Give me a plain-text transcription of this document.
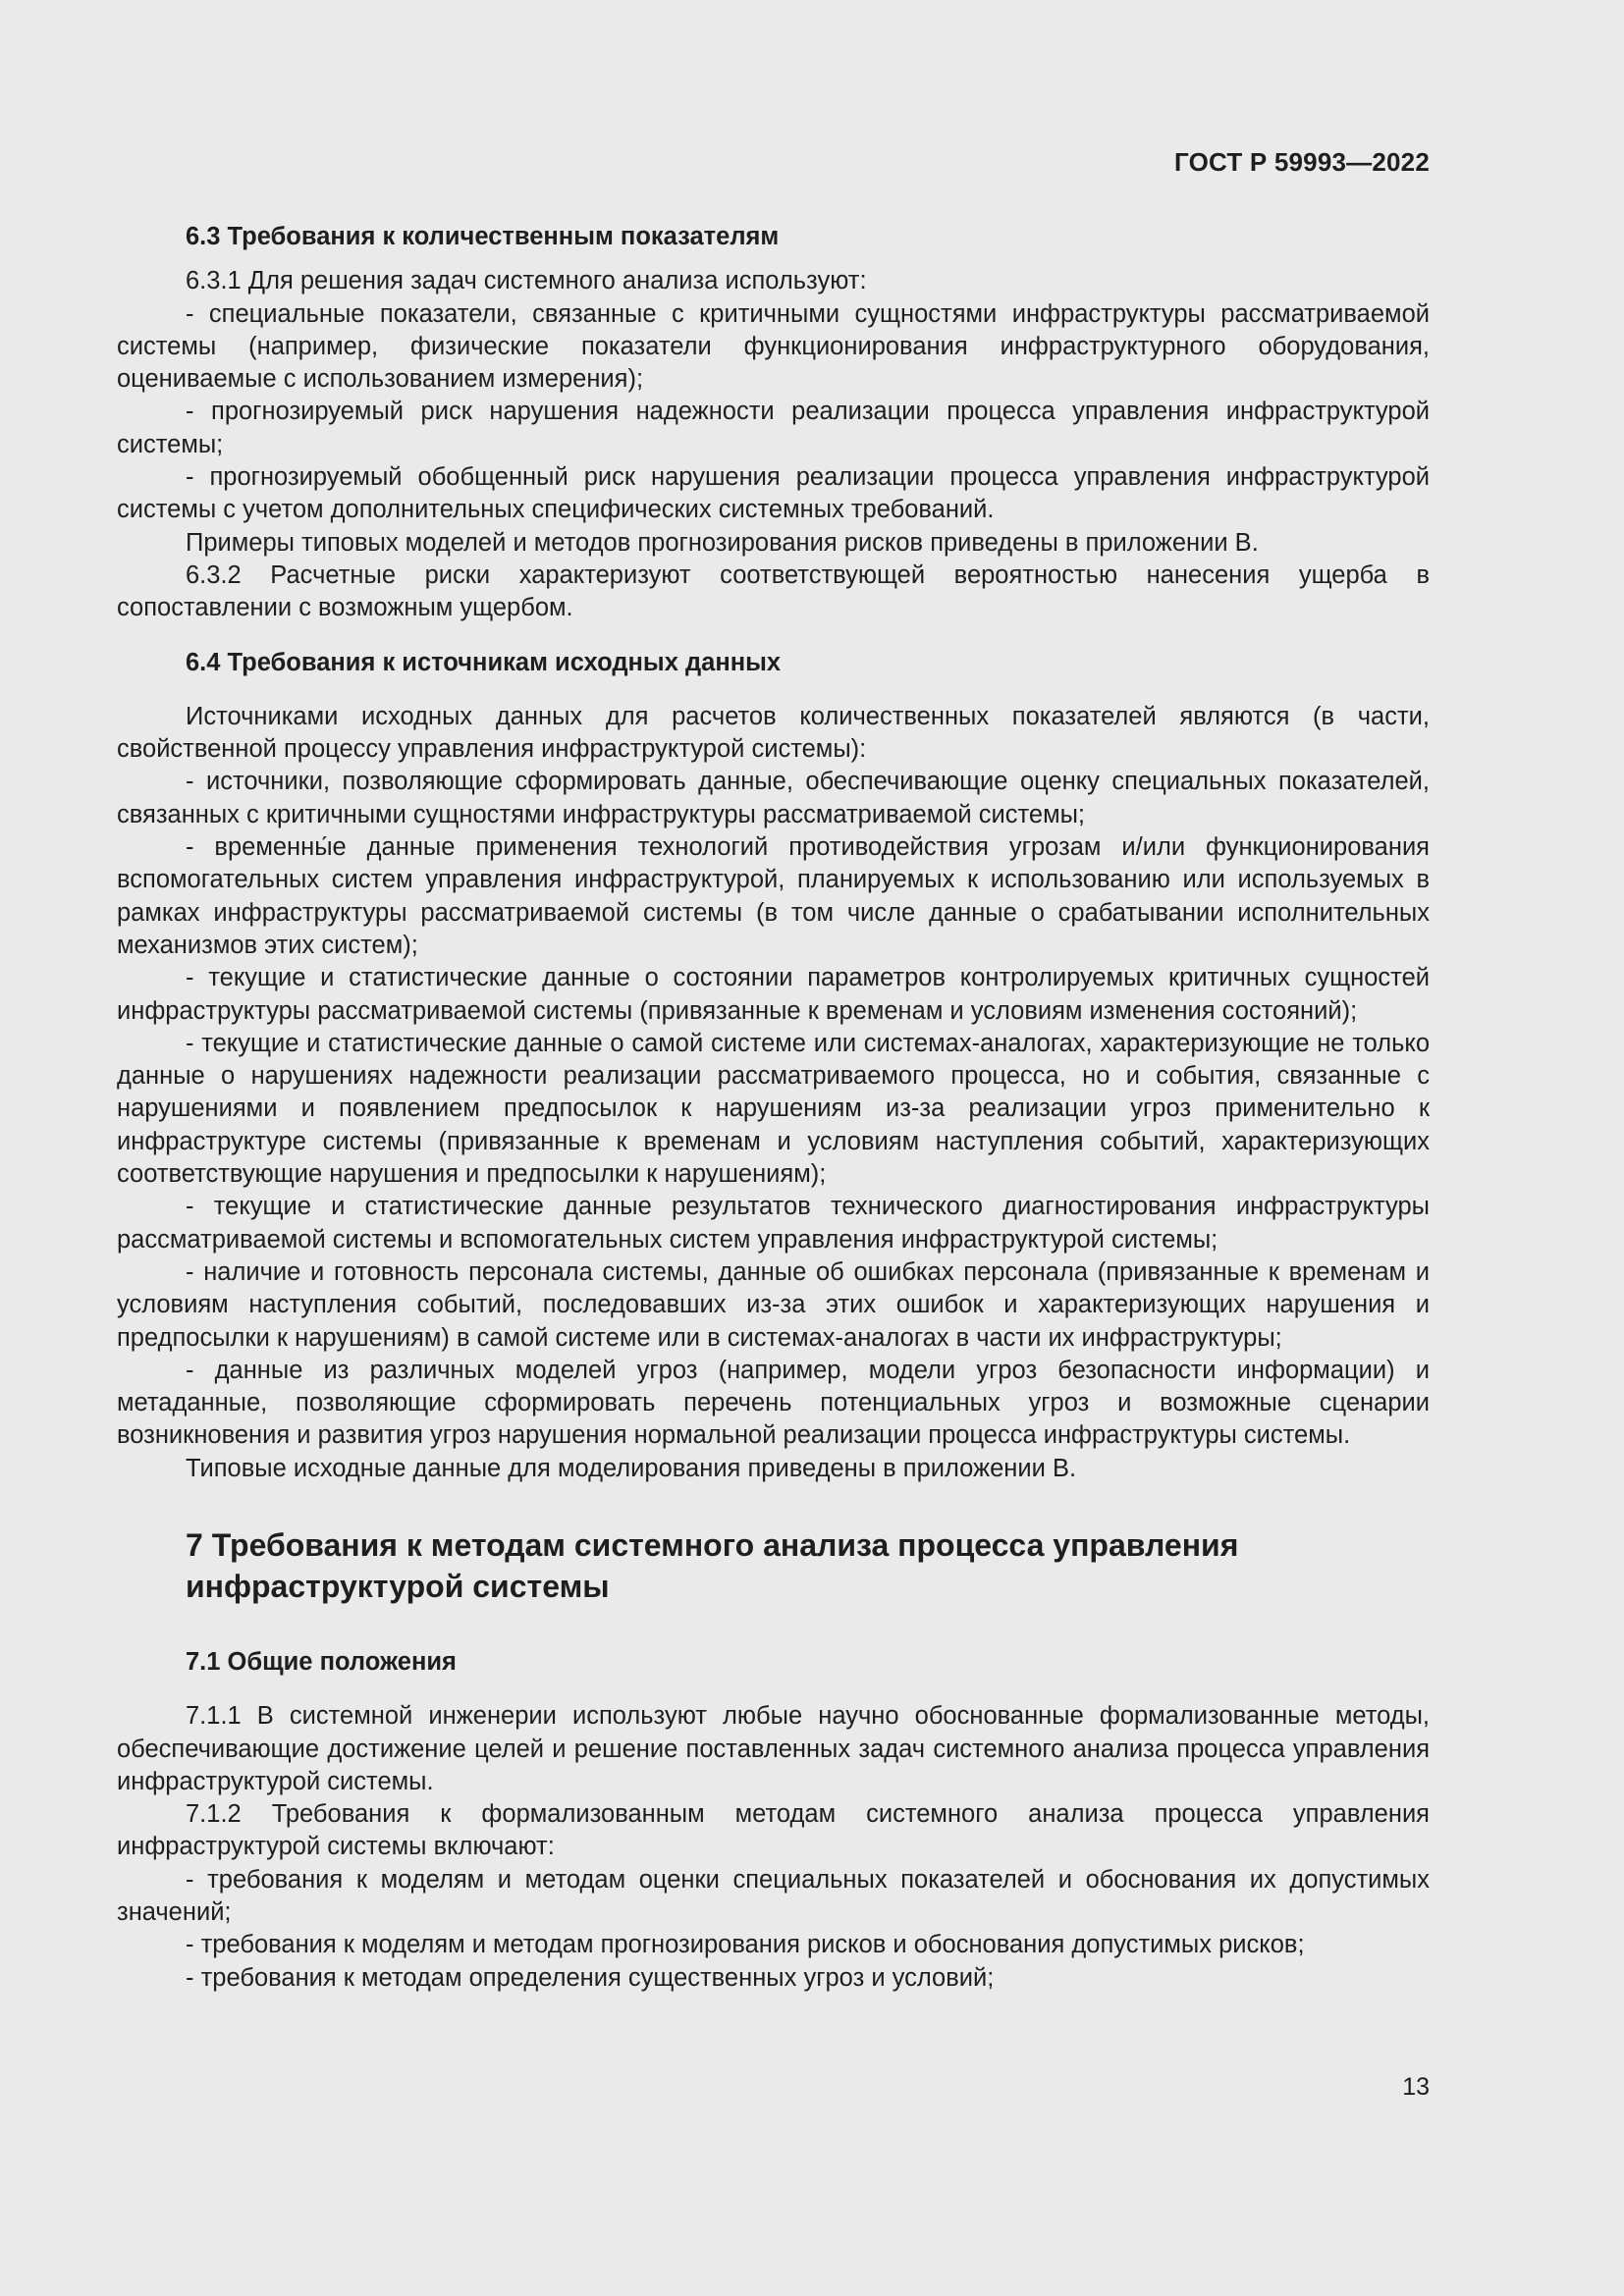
ГОСТ Р 59993—2022
6.3 Требования к количественным показателям

6.3.1 Для решения задач системного анализа используют:

- специальные показатели, связанные с критичными сущностями инфраструктуры рассматриваемой системы (например, физические показатели функционирования инфраструктурного оборудования, оцениваемые с использованием измерения);

- прогнозируемый риск нарушения надежности реализации процесса управления инфраструктурой системы;

- прогнозируемый обобщенный риск нарушения реализации процесса управления инфраструктурой системы с учетом дополнительных специфических системных требований.

Примеры типовых моделей и методов прогнозирования рисков приведены в приложении В.

6.3.2 Расчетные риски характеризуют соответствующей вероятностью нанесения ущерба в сопоставлении с возможным ущербом.

6.4 Требования к источникам исходных данных

Источниками исходных данных для расчетов количественных показателей являются (в части, свойственной процессу управления инфраструктурой системы):

- источники, позволяющие сформировать данные, обеспечивающие оценку специальных показателей, связанных с критичными сущностями инфраструктуры рассматриваемой системы;

- временны́е данные применения технологий противодействия угрозам и/или функционирования вспомогательных систем управления инфраструктурой, планируемых к использованию или используемых в рамках инфраструктуры рассматриваемой системы (в том числе данные о срабатывании исполнительных механизмов этих систем);

- текущие и статистические данные о состоянии параметров контролируемых критичных сущностей инфраструктуры рассматриваемой системы (привязанные к временам и условиям изменения состояний);

- текущие и статистические данные о самой системе или системах-аналогах, характеризующие не только данные о нарушениях надежности реализации рассматриваемого процесса, но и события, связанные с нарушениями и появлением предпосылок к нарушениям из-за реализации угроз применительно к инфраструктуре системы (привязанные к временам и условиям наступления событий, характеризующих соответствующие нарушения и предпосылки к нарушениям);

- текущие и статистические данные результатов технического диагностирования инфраструктуры рассматриваемой системы и вспомогательных систем управления инфраструктурой системы;

- наличие и готовность персонала системы, данные об ошибках персонала (привязанные к временам и условиям наступления событий, последовавших из-за этих ошибок и характеризующих нарушения и предпосылки к нарушениям) в самой системе или в системах-аналогах в части их инфраструктуры;

- данные из различных моделей угроз (например, модели угроз безопасности информации) и метаданные, позволяющие сформировать перечень потенциальных угроз и возможные сценарии возникновения и развития угроз нарушения нормальной реализации процесса инфраструктуры системы.

Типовые исходные данные для моделирования приведены в приложении В.

7 Требования к методам системного анализа процесса управления
инфраструктурой системы
7.1 Общие положения

7.1.1 В системной инженерии используют любые научно обоснованные формализованные методы, обеспечивающие достижение целей и решение поставленных задач системного анализа процесса управления инфраструктурой системы.

7.1.2 Требования к формализованным методам системного анализа процесса управления инфраструктурой системы включают:

- требования к моделям и методам оценки специальных показателей и обоснования их допустимых значений;

- требования к моделям и методам прогнозирования рисков и обоснования допустимых рисков;

- требования к методам определения существенных угроз и условий;

13
